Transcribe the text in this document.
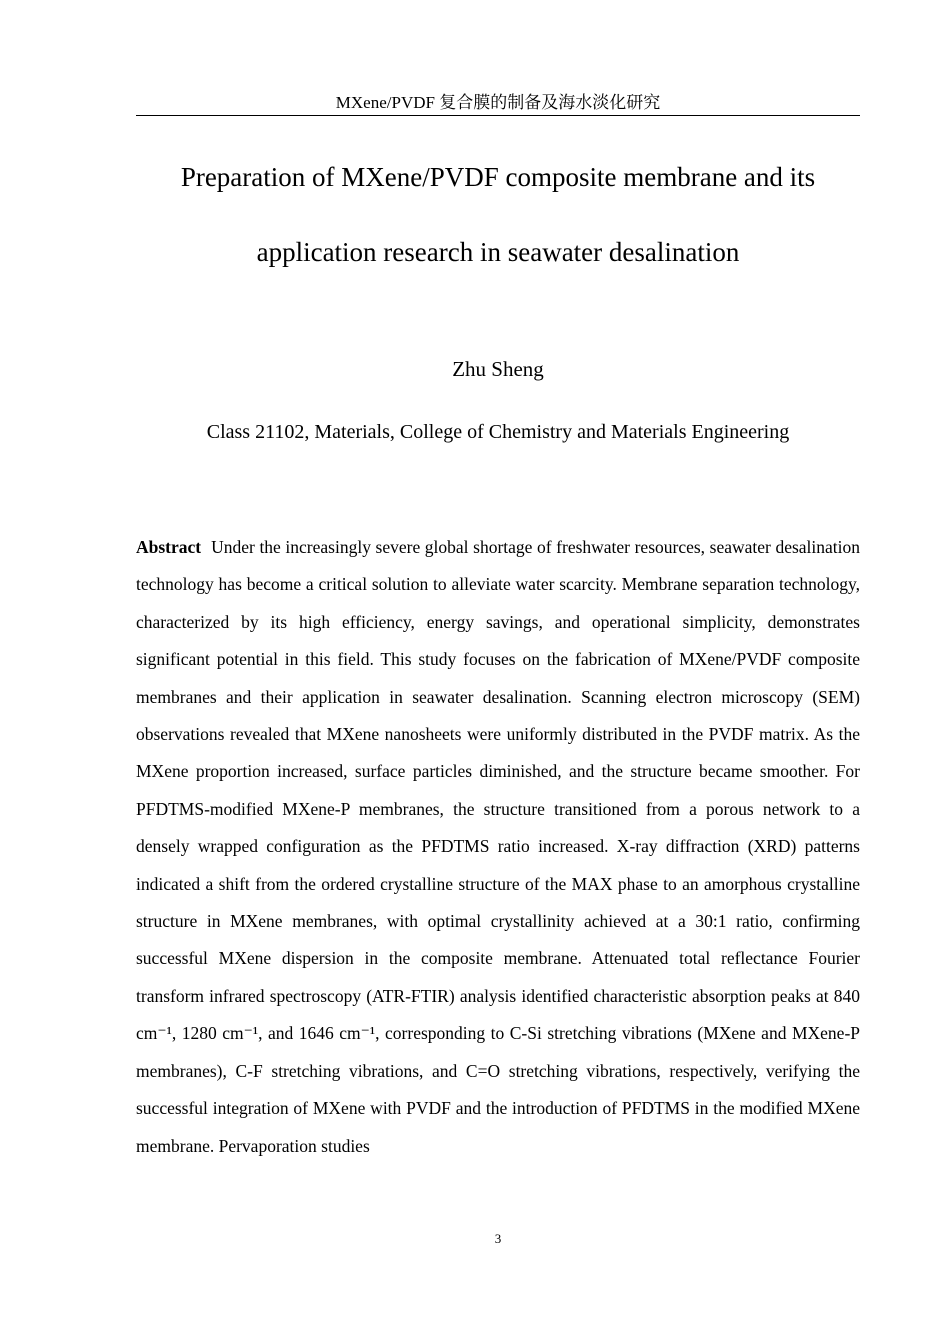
MXene/PVDF 复合膜的制备及海水淡化研究
Preparation of MXene/PVDF composite membrane and its
application research in seawater desalination
Zhu Sheng
Class 21102, Materials, College of Chemistry and Materials Engineering

Abstract Under the increasingly severe global shortage of freshwater resources, seawater desalination technology has become a critical solution to alleviate water scarcity. Membrane separation technology, characterized by its high efficiency, energy savings, and operational simplicity, demonstrates significant potential in this field. This study focuses on the fabrication of MXene/PVDF composite membranes and their application in seawater desalination. Scanning electron microscopy (SEM) observations revealed that MXene nanosheets were uniformly distributed in the PVDF matrix. As the MXene proportion increased, surface particles diminished, and the structure became smoother. For PFDTMS-modified MXene-P membranes, the structure transitioned from a porous network to a densely wrapped configuration as the PFDTMS ratio increased. X-ray diffraction (XRD) patterns indicated a shift from the ordered crystalline structure of the MAX phase to an amorphous crystalline structure in MXene membranes, with optimal crystallinity achieved at a 30:1 ratio, confirming successful MXene dispersion in the composite membrane. Attenuated total reflectance Fourier transform infrared spectroscopy (ATR-FTIR) analysis identified characteristic absorption peaks at 840 cm⁻¹, 1280 cm⁻¹, and 1646 cm⁻¹, corresponding to C-Si stretching vibrations (MXene and MXene-P membranes), C-F stretching vibrations, and C=O stretching vibrations, respectively, verifying the successful integration of MXene with PVDF and the introduction of PFDTMS in the modified MXene membrane. Pervaporation studies

3
